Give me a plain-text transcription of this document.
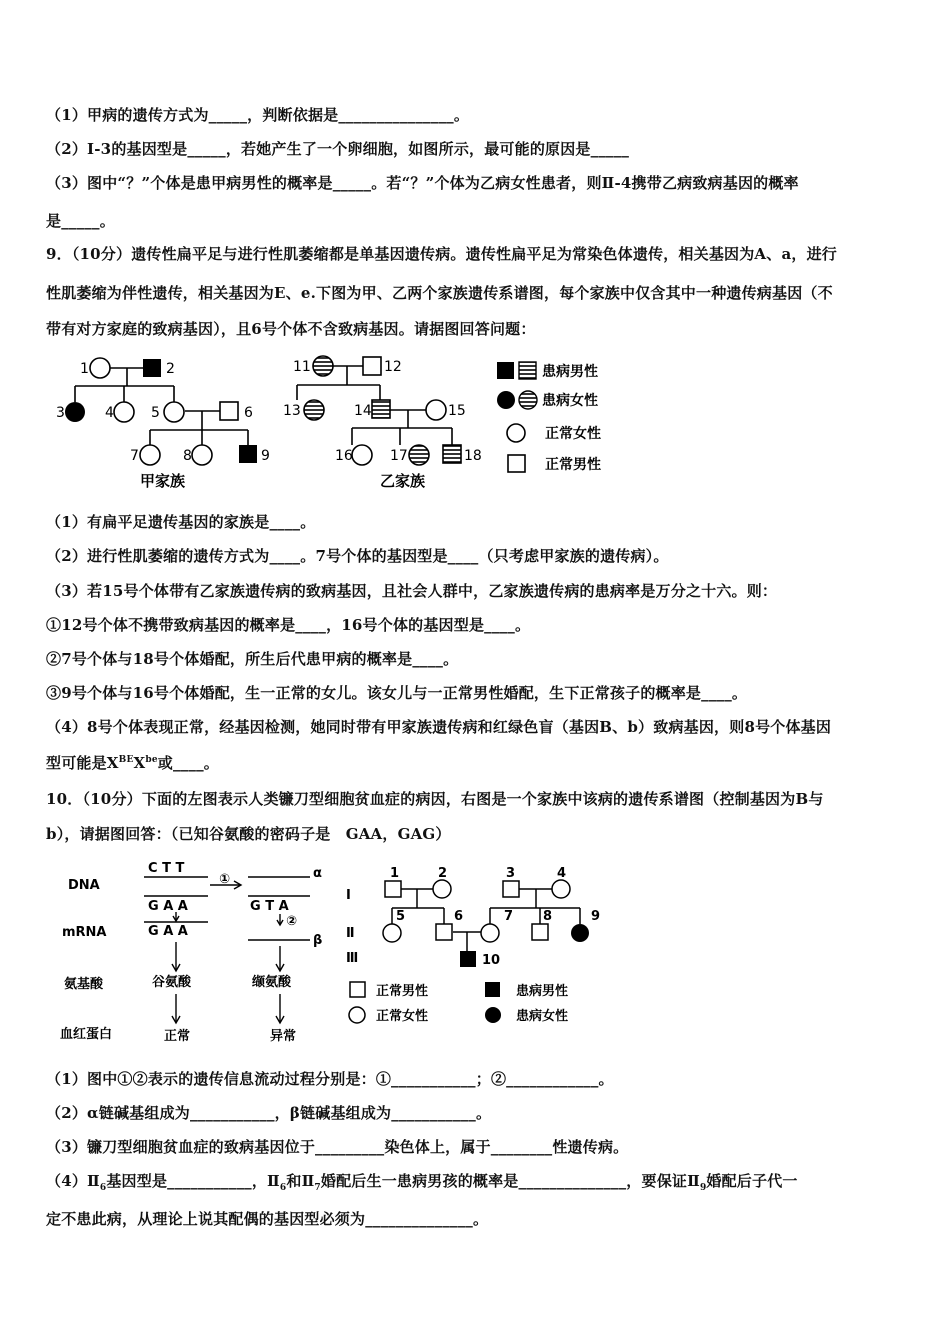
（1）甲病的遗传方式为_____，判断依据是_______________。
（2）Ⅰ-3的基因型是_____，若她产生了一个卵细胞，如图所示，最可能的原因是_____
（3）图中“？”个体是患甲病男性的概率是_____。若“？”个体为乙病女性患者，则Ⅱ-4携带乙病致病基因的概率
是_____。
9．（10分）遗传性扁平足与进行性肌萎缩都是单基因遗传病。遗传性扁平足为常染色体遗传，相关基因为A、a，进行
性肌萎缩为伴性遗传，相关基因为E、e.下图为甲、乙两个家族遗传系谱图，每个家族中仅含其中一种遗传病基因（不
带有对方家庭的致病基因），且6号个体不含致病基因。请据图回答问题：
1	2
3	4	5	6
7	8	9
11	12
13	14	15
16	17	18
甲家族	乙家族
患病男性
患病女性
正常女性
正常男性
（1）有扁平足遗传基因的家族是____。
（2）进行性肌萎缩的遗传方式为____。7号个体的基因型是____（只考虑甲家族的遗传病）。
（3）若15号个体带有乙家族遗传病的致病基因，且社会人群中，乙家族遗传病的患病率是万分之十六。则：
①12号个体不携带致病基因的概率是____，16号个体的基因型是____。
②7号个体与18号个体婚配，所生后代患甲病的概率是____。
③9号个体与16号个体婚配，生一正常的女儿。该女儿与一正常男性婚配，生下正常孩子的概率是____。
（4）8号个体表现正常，经基因检测，她同时带有甲家族遗传病和红绿色盲（基因B、b）致病基因，则8号个体基因
型可能是$X^{BE}X^{be}$或____。
10．（10分）下面的左图表示人类镰刀型细胞贫血症的病因，右图是一个家族中该病的遗传系谱图（控制基因为B与
b），请据图回答：（已知谷氨酸的密码子是　GAA，GAG）
DNA
mRNA
氨基酸
血红蛋白
C T T
G A A
G A A
G T A
①
②
α
β
谷氨酸	缬氨酸
正常	异常
Ⅰ
Ⅱ
Ⅲ
1	2	3	4
5	6	7 8	9
10
正常男性	患病男性
正常女性	患病女性
（1）图中①②表示的遗传信息流动过程分别是：①___________；②____________。
（2）α链碱基组成为___________，β链碱基组成为___________。
（3）镰刀型细胞贫血症的致病基因位于_________染色体上，属于________性遗传病。
$(4)Ⅱ_6$基因型是___________，$Ⅱ_6$和$Ⅱ_7$婚配后生一患病男孩的概率是______________，要保证$Ⅱ_9$婚配后子代一
定不患此病，从理论上说其配偶的基因型必须为______________。
